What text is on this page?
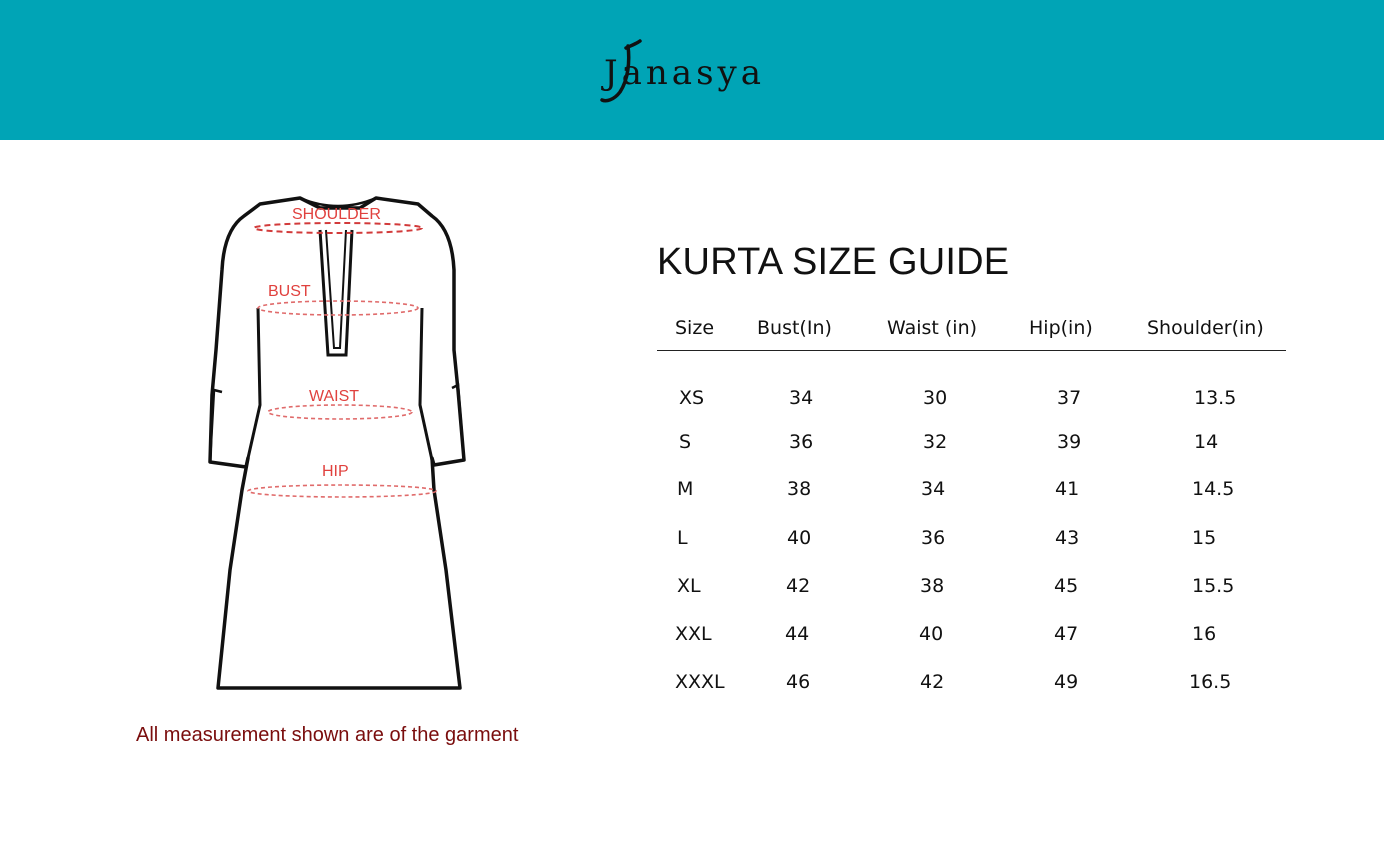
Janasya
SHOULDER
BUST
WAIST
HIP
All measurement shown are of the garment
KURTA SIZE GUIDE
Size Bust(In)	Waist (in)	Hip(in)	Shoulder(in)
XS	34	30	37	13.5
S	36	32	39	14
M	38	34	41	14.5
L	40	36	43	15
XL	42	38	45	15.5
XXL	44	40	47	16
XXXL	46	42	49	16.5
